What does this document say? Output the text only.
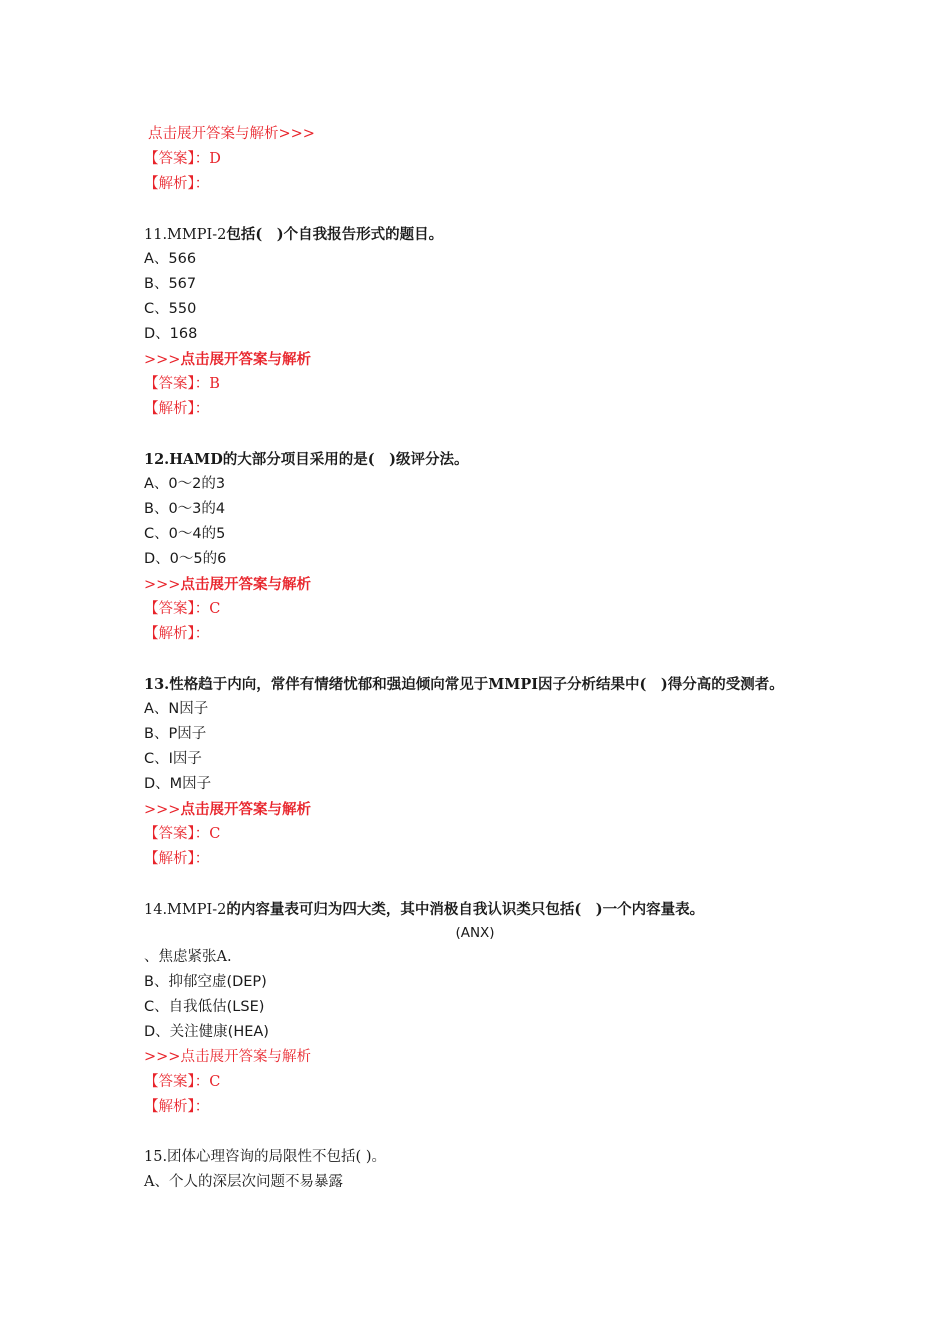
点击展开答案与解析>>>
【答案】：D
【解析】：
11.MMPI-2包括(　)个自我报告形式的题目。
A、566
B、567
C、550
D、168
>>>点击展开答案与解析
【答案】：B
【解析】：
12.HAMD的大部分项目采用的是(　)级评分法。
A、0～2的3
B、0～3的4
C、0～4的5
D、0～5的6
>>>点击展开答案与解析
【答案】：C
【解析】：
13.性格趋于内向，常伴有情绪忧郁和强迫倾向常见于MMPI因子分析结果中(　)得分高的受测者。
A、N因子
B、P因子
C、I因子
D、M因子
>>>点击展开答案与解析
【答案】：C
【解析】：
14.MMPI-2的内容量表可归为四大类，其中消极自我认识类只包括(　)一个内容量表。
(ANX)
、焦虑紧张A.
B、抑郁空虚(DEP)
C、自我低估(LSE)
D、关注健康(HEA)
>>>点击展开答案与解析
【答案】：C
【解析】：
15.团体心理咨询的局限性不包括( )。
A、个人的深层次问题不易暴露
